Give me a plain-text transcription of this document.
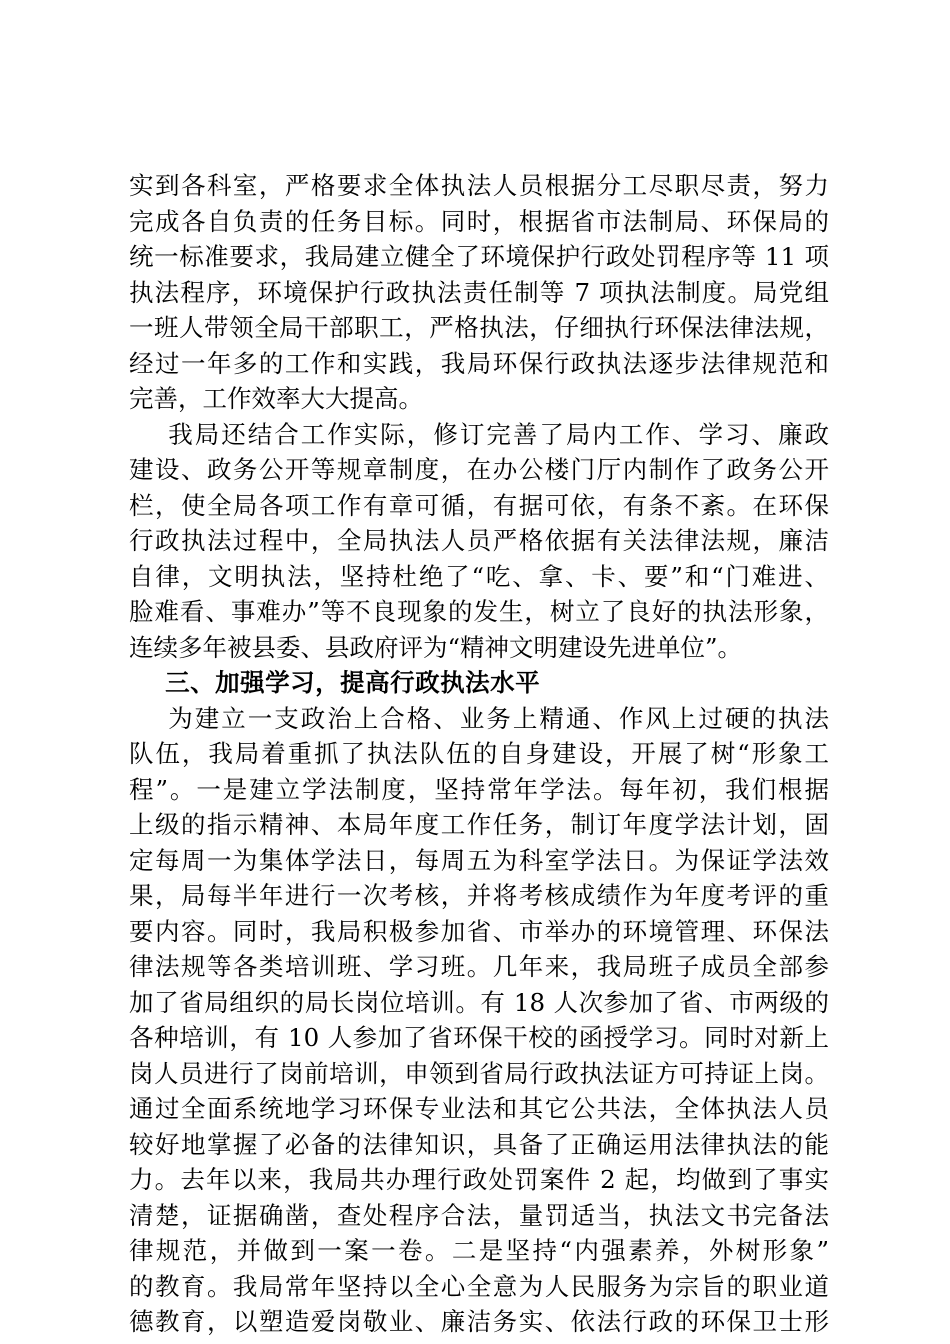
实到各科室，严格要求全体执法人员根据分工尽职尽责，努力
完成各自负责的任务目标。同时，根据省市法制局、环保局的
统一标准要求，我局建立健全了环境保护行政处罚程序等 11 项
执法程序，环境保护行政执法责任制等 7 项执法制度。局党组
一班人带领全局干部职工，严格执法，仔细执行环保法律法规，
经过一年多的工作和实践，我局环保行政执法逐步法律规范和
完善，工作效率大大提高。
我局还结合工作实际，修订完善了局内工作、学习、廉政
建设、政务公开等规章制度，在办公楼门厅内制作了政务公开
栏，使全局各项工作有章可循，有据可依，有条不紊。在环保
行政执法过程中，全局执法人员严格依据有关法律法规，廉洁
自律，文明执法，坚持杜绝了“吃、拿、卡、要”和“门难进、
脸难看、事难办”等不良现象的发生，树立了良好的执法形象，
连续多年被县委、县政府评为“精神文明建设先进单位”。
三、加强学习，提高行政执法水平
为建立一支政治上合格、业务上精通、作风上过硬的执法
队伍，我局着重抓了执法队伍的自身建设，开展了树“形象工
程”。一是建立学法制度，坚持常年学法。每年初，我们根据
上级的指示精神、本局年度工作任务，制订年度学法计划，固
定每周一为集体学法日，每周五为科室学法日。为保证学法效
果，局每半年进行一次考核，并将考核成绩作为年度考评的重
要内容。同时，我局积极参加省、市举办的环境管理、环保法
律法规等各类培训班、学习班。几年来，我局班子成员全部参
加了省局组织的局长岗位培训。有 18 人次参加了省、市两级的
各种培训，有 10 人参加了省环保干校的函授学习。同时对新上
岗人员进行了岗前培训，申领到省局行政执法证方可持证上岗。
通过全面系统地学习环保专业法和其它公共法，全体执法人员
较好地掌握了必备的法律知识，具备了正确运用法律执法的能
力。去年以来，我局共办理行政处罚案件 2 起，均做到了事实
清楚，证据确凿，查处程序合法，量罚适当，执法文书完备法
律规范，并做到一案一卷。二是坚持“内强素养，外树形象”
的教育。我局常年坚持以全心全意为人民服务为宗旨的职业道
德教育，以塑造爱岗敬业、廉洁务实、依法行政的环保卫士形
